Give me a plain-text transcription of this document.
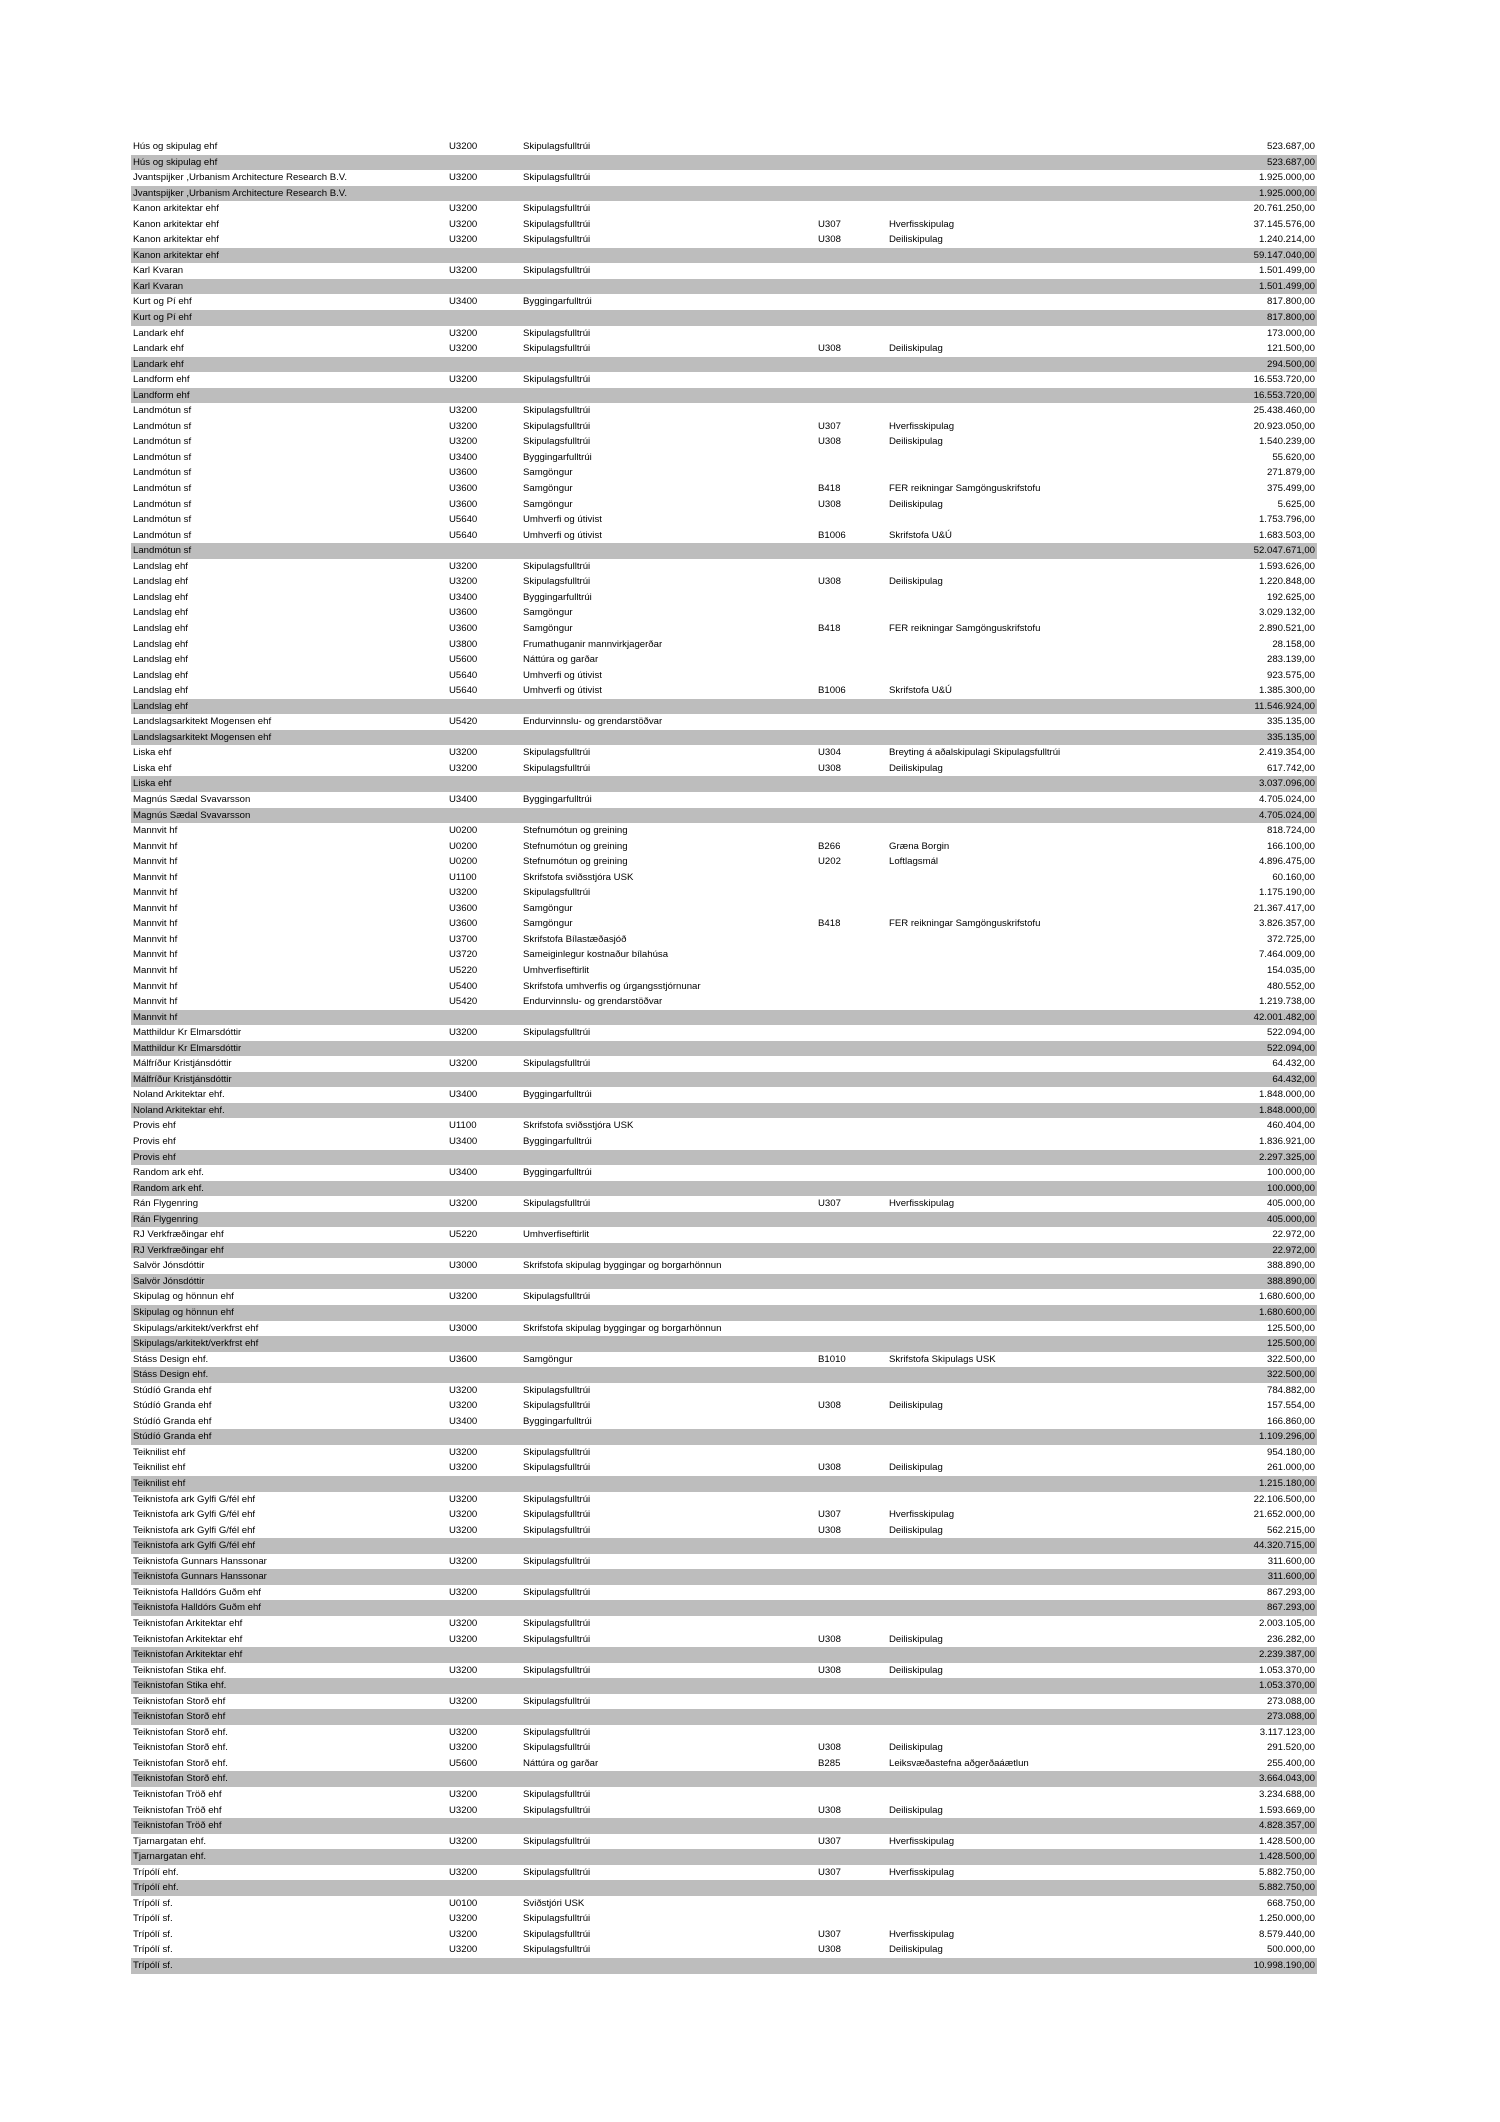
Hús og skipulag ehf	U3200	Skipulagsfulltrúi	523.687,00
Hús og skipulag ehf	523.687,00
Jvantspijker ,Urbanism Architecture Research B.V.	U3200	Skipulagsfulltrúi	1.925.000,00
Jvantspijker ,Urbanism Architecture Research B.V.	1.925.000,00
Kanon arkitektar ehf	U3200	Skipulagsfulltrúi	20.761.250,00
Kanon arkitektar ehf	U3200	Skipulagsfulltrúi	U307	Hverfisskipulag	37.145.576,00
Kanon arkitektar ehf	U3200	Skipulagsfulltrúi	U308	Deiliskipulag	1.240.214,00
Kanon arkitektar ehf	59.147.040,00
Karl Kvaran	U3200	Skipulagsfulltrúi	1.501.499,00
Karl Kvaran	1.501.499,00
Kurt og Pí ehf	U3400	Byggingarfulltrúi	817.800,00
Kurt og Pí ehf	817.800,00
Landark ehf	U3200	Skipulagsfulltrúi	173.000,00
Landark ehf	U3200	Skipulagsfulltrúi	U308	Deiliskipulag	121.500,00
Landark ehf	294.500,00
Landform ehf	U3200	Skipulagsfulltrúi	16.553.720,00
Landform ehf	16.553.720,00
Landmótun sf	U3200	Skipulagsfulltrúi	25.438.460,00
Landmótun sf	U3200	Skipulagsfulltrúi	U307	Hverfisskipulag	20.923.050,00
Landmótun sf	U3200	Skipulagsfulltrúi	U308	Deiliskipulag	1.540.239,00
Landmótun sf	U3400	Byggingarfulltrúi	55.620,00
Landmótun sf	U3600	Samgöngur	271.879,00
Landmótun sf	U3600	Samgöngur	B418	FER reikningar Samgönguskrifstofu	375.499,00
Landmótun sf	U3600	Samgöngur	U308	Deiliskipulag	5.625,00
Landmótun sf	U5640	Umhverfi og útivist	1.753.796,00
Landmótun sf	U5640	Umhverfi og útivist	B1006	Skrifstofa U&Ú	1.683.503,00
Landmótun sf	52.047.671,00
Landslag ehf	U3200	Skipulagsfulltrúi	1.593.626,00
Landslag ehf	U3200	Skipulagsfulltrúi	U308	Deiliskipulag	1.220.848,00
Landslag ehf	U3400	Byggingarfulltrúi	192.625,00
Landslag ehf	U3600	Samgöngur	3.029.132,00
Landslag ehf	U3600	Samgöngur	B418	FER reikningar Samgönguskrifstofu	2.890.521,00
Landslag ehf	U3800	Frumathuganir mannvirkjagerðar	28.158,00
Landslag ehf	U5600	Náttúra og garðar	283.139,00
Landslag ehf	U5640	Umhverfi og útivist	923.575,00
Landslag ehf	U5640	Umhverfi og útivist	B1006	Skrifstofa U&Ú	1.385.300,00
Landslag ehf	11.546.924,00
Landslagsarkitekt Mogensen ehf	U5420	Endurvinnslu- og grendarstöðvar	335.135,00
Landslagsarkitekt Mogensen ehf	335.135,00
Liska ehf	U3200	Skipulagsfulltrúi	U304	Breyting á aðalskipulagi Skipulagsfulltrúi	2.419.354,00
Liska ehf	U3200	Skipulagsfulltrúi	U308	Deiliskipulag	617.742,00
Liska ehf	3.037.096,00
Magnús Sædal Svavarsson	U3400	Byggingarfulltrúi	4.705.024,00
Magnús Sædal Svavarsson	4.705.024,00
Mannvit hf	U0200	Stefnumótun og greining	818.724,00
Mannvit hf	U0200	Stefnumótun og greining	B266	Græna Borgin	166.100,00
Mannvit hf	U0200	Stefnumótun og greining	U202	Loftlagsmál	4.896.475,00
Mannvit hf	U1100	Skrifstofa sviðsstjóra USK	60.160,00
Mannvit hf	U3200	Skipulagsfulltrúi	1.175.190,00
Mannvit hf	U3600	Samgöngur	21.367.417,00
Mannvit hf	U3600	Samgöngur	B418	FER reikningar Samgönguskrifstofu	3.826.357,00
Mannvit hf	U3700	Skrifstofa Bílastæðasjóð	372.725,00
Mannvit hf	U3720	Sameiginlegur kostnaður bílahúsa	7.464.009,00
Mannvit hf	U5220	Umhverfiseftirlit	154.035,00
Mannvit hf	U5400	Skrifstofa umhverfis og úrgangsstjórnunar	480.552,00
Mannvit hf	U5420	Endurvinnslu- og grendarstöðvar	1.219.738,00
Mannvit hf	42.001.482,00
Matthildur Kr Elmarsdóttir	U3200	Skipulagsfulltrúi	522.094,00
Matthildur Kr Elmarsdóttir	522.094,00
Málfríður Kristjánsdóttir	U3200	Skipulagsfulltrúi	64.432,00
Málfríður Kristjánsdóttir	64.432,00
Noland Arkitektar ehf.	U3400	Byggingarfulltrúi	1.848.000,00
Noland Arkitektar ehf.	1.848.000,00
Provis ehf	U1100	Skrifstofa sviðsstjóra USK	460.404,00
Provis ehf	U3400	Byggingarfulltrúi	1.836.921,00
Provis ehf	2.297.325,00
Random ark ehf.	U3400	Byggingarfulltrúi	100.000,00
Random ark ehf.	100.000,00
Rán Flygenring	U3200	Skipulagsfulltrúi	U307	Hverfisskipulag	405.000,00
Rán Flygenring	405.000,00
RJ Verkfræðingar ehf	U5220	Umhverfiseftirlit	22.972,00
RJ Verkfræðingar ehf	22.972,00
Salvör Jónsdóttir	U3000	Skrifstofa skipulag byggingar og borgarhönnun	388.890,00
Salvör Jónsdóttir	388.890,00
Skipulag og hönnun ehf	U3200	Skipulagsfulltrúi	1.680.600,00
Skipulag og hönnun ehf	1.680.600,00
Skipulags/arkitekt/verkfrst ehf	U3000	Skrifstofa skipulag byggingar og borgarhönnun	125.500,00
Skipulags/arkitekt/verkfrst ehf	125.500,00
Stáss Design ehf.	U3600	Samgöngur	B1010	Skrifstofa Skipulags USK	322.500,00
Stáss Design ehf.	322.500,00
Stúdíó Granda ehf	U3200	Skipulagsfulltrúi	784.882,00
Stúdíó Granda ehf	U3200	Skipulagsfulltrúi	U308	Deiliskipulag	157.554,00
Stúdíó Granda ehf	U3400	Byggingarfulltrúi	166.860,00
Stúdíó Granda ehf	1.109.296,00
Teiknilist ehf	U3200	Skipulagsfulltrúi	954.180,00
Teiknilist ehf	U3200	Skipulagsfulltrúi	U308	Deiliskipulag	261.000,00
Teiknilist ehf	1.215.180,00
Teiknistofa ark Gylfi G/fél ehf	U3200	Skipulagsfulltrúi	22.106.500,00
Teiknistofa ark Gylfi G/fél ehf	U3200	Skipulagsfulltrúi	U307	Hverfisskipulag	21.652.000,00
Teiknistofa ark Gylfi G/fél ehf	U3200	Skipulagsfulltrúi	U308	Deiliskipulag	562.215,00
Teiknistofa ark Gylfi G/fél ehf	44.320.715,00
Teiknistofa Gunnars Hanssonar	U3200	Skipulagsfulltrúi	311.600,00
Teiknistofa Gunnars Hanssonar	311.600,00
Teiknistofa Halldórs Guðm ehf	U3200	Skipulagsfulltrúi	867.293,00
Teiknistofa Halldórs Guðm ehf	867.293,00
Teiknistofan Arkitektar ehf	U3200	Skipulagsfulltrúi	2.003.105,00
Teiknistofan Arkitektar ehf	U3200	Skipulagsfulltrúi	U308	Deiliskipulag	236.282,00
Teiknistofan Arkitektar ehf	2.239.387,00
Teiknistofan Stika ehf.	U3200	Skipulagsfulltrúi	U308	Deiliskipulag	1.053.370,00
Teiknistofan Stika ehf.	1.053.370,00
Teiknistofan Storð ehf	U3200	Skipulagsfulltrúi	273.088,00
Teiknistofan Storð ehf	273.088,00
Teiknistofan Storð ehf.	U3200	Skipulagsfulltrúi	3.117.123,00
Teiknistofan Storð ehf.	U3200	Skipulagsfulltrúi	U308	Deiliskipulag	291.520,00
Teiknistofan Storð ehf.	U5600	Náttúra og garðar	B285	Leiksvæðastefna aðgerðaáætlun	255.400,00
Teiknistofan Storð ehf.	3.664.043,00
Teiknistofan Tröð ehf	U3200	Skipulagsfulltrúi	3.234.688,00
Teiknistofan Tröð ehf	U3200	Skipulagsfulltrúi	U308	Deiliskipulag	1.593.669,00
Teiknistofan Tröð ehf	4.828.357,00
Tjarnargatan ehf.	U3200	Skipulagsfulltrúi	U307	Hverfisskipulag	1.428.500,00
Tjarnargatan ehf.	1.428.500,00
Trípólí ehf.	U3200	Skipulagsfulltrúi	U307	Hverfisskipulag	5.882.750,00
Trípólí ehf.	5.882.750,00
Trípólí sf.	U0100	Sviðstjóri USK	668.750,00
Trípólí sf.	U3200	Skipulagsfulltrúi	1.250.000,00
Trípólí sf.	U3200	Skipulagsfulltrúi	U307	Hverfisskipulag	8.579.440,00
Trípólí sf.	U3200	Skipulagsfulltrúi	U308	Deiliskipulag	500.000,00
Trípólí sf.	10.998.190,00
